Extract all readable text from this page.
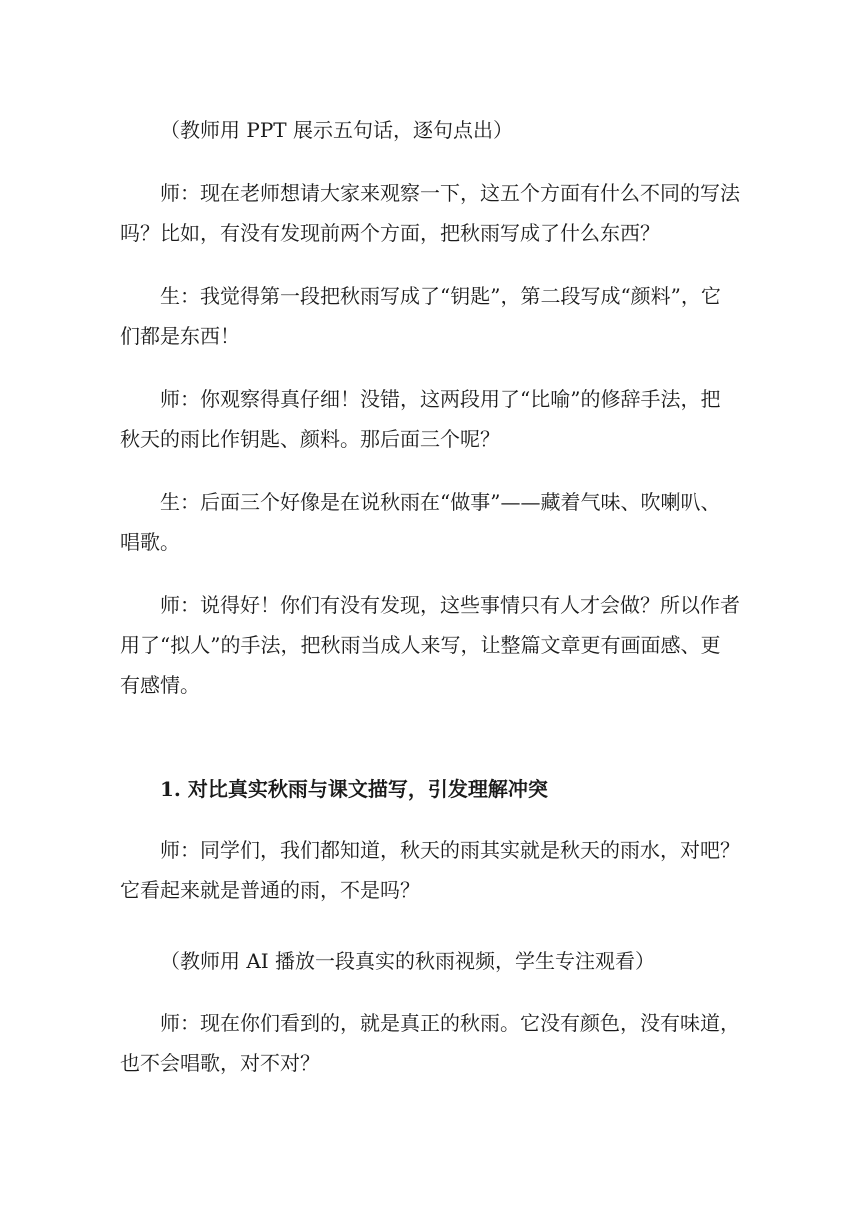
（教师用 PPT 展示五句话，逐句点出）

师：现在老师想请大家来观察一下，这五个方面有什么不同的写法吗？比如，有没有发现前两个方面，把秋雨写成了什么东西？

生：我觉得第一段把秋雨写成了“钥匙”，第二段写成“颜料”，它们都是东西！

师：你观察得真仔细！没错，这两段用了“比喻”的修辞手法，把秋天的雨比作钥匙、颜料。那后面三个呢？

生：后面三个好像是在说秋雨在“做事”——藏着气味、吹喇叭、唱歌。

师：说得好！你们有没有发现，这些事情只有人才会做？所以作者用了“拟人”的手法，把秋雨当成人来写，让整篇文章更有画面感、更有感情。

1. 对比真实秋雨与课文描写，引发理解冲突

师：同学们，我们都知道，秋天的雨其实就是秋天的雨水，对吧？它看起来就是普通的雨，不是吗？

（教师用 AI 播放一段真实的秋雨视频，学生专注观看）

师：现在你们看到的，就是真正的秋雨。它没有颜色，没有味道，也不会唱歌，对不对？
